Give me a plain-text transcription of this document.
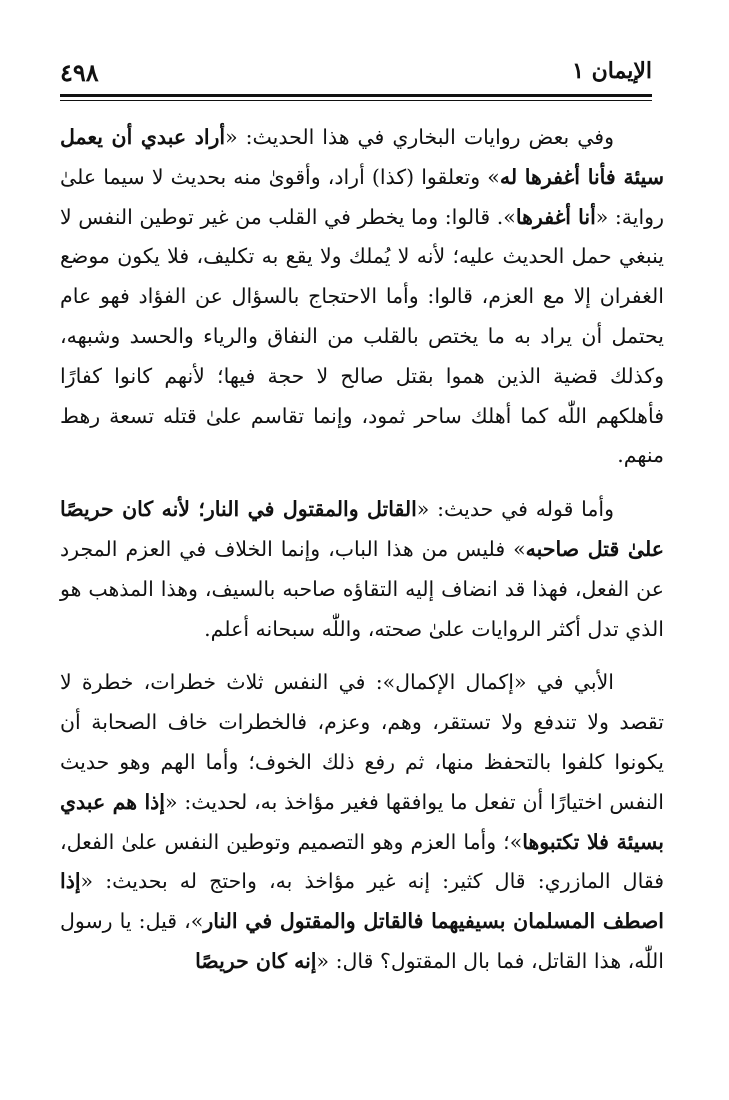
٤٩٨	الإيمان ١

وفي بعض روايات البخاري في هذا الحديث: «أراد عبدي أن يعمل سيئة فأنا أغفرها له» وتعلقوا (كذا) أراد، وأقوىٰ منه بحديث لا سيما علىٰ رواية: «أنا أغفرها». قالوا: وما يخطر في القلب من غير توطين النفس لا ينبغي حمل الحديث عليه؛ لأنه لا يُملك ولا يقع به تكليف، فلا يكون موضع الغفران إلا مع العزم، قالوا: وأما الاحتجاج بالسؤال عن الفؤاد فهو عام يحتمل أن يراد به ما يختص بالقلب من النفاق والرياء والحسد وشبهه، وكذلك قضية الذين هموا بقتل صالح لا حجة فيها؛ لأنهم كانوا كفارًا فأهلكهم اللّٰه كما أهلك ساحر ثمود، وإنما تقاسم علىٰ قتله تسعة رهط منهم.

وأما قوله في حديث: «القاتل والمقتول في النار؛ لأنه كان حريصًا علىٰ قتل صاحبه» فليس من هذا الباب، وإنما الخلاف في العزم المجرد عن الفعل، فهذا قد انضاف إليه التقاؤه صاحبه بالسيف، وهذا المذهب هو الذي تدل أكثر الروايات علىٰ صحته، واللّٰه سبحانه أعلم.

الأبي في «إكمال الإكمال»: في النفس ثلاث خطرات، خطرة لا تقصد ولا تندفع ولا تستقر، وهم، وعزم، فالخطرات خاف الصحابة أن يكونوا كلفوا بالتحفظ منها، ثم رفع ذلك الخوف؛ وأما الهم وهو حديث النفس اختيارًا أن تفعل ما يوافقها فغير مؤاخذ به، لحديث: «إذا هم عبدي بسيئة فلا تكتبوها»؛ وأما العزم وهو التصميم وتوطين النفس علىٰ الفعل، فقال المازري: قال كثير: إنه غير مؤاخذ به، واحتج له بحديث: «إذا اصطف المسلمان بسيفيهما فالقاتل والمقتول في النار»، قيل: يا رسول اللّٰه، هذا القاتل، فما بال المقتول؟ قال: «إنه كان حريصًا
